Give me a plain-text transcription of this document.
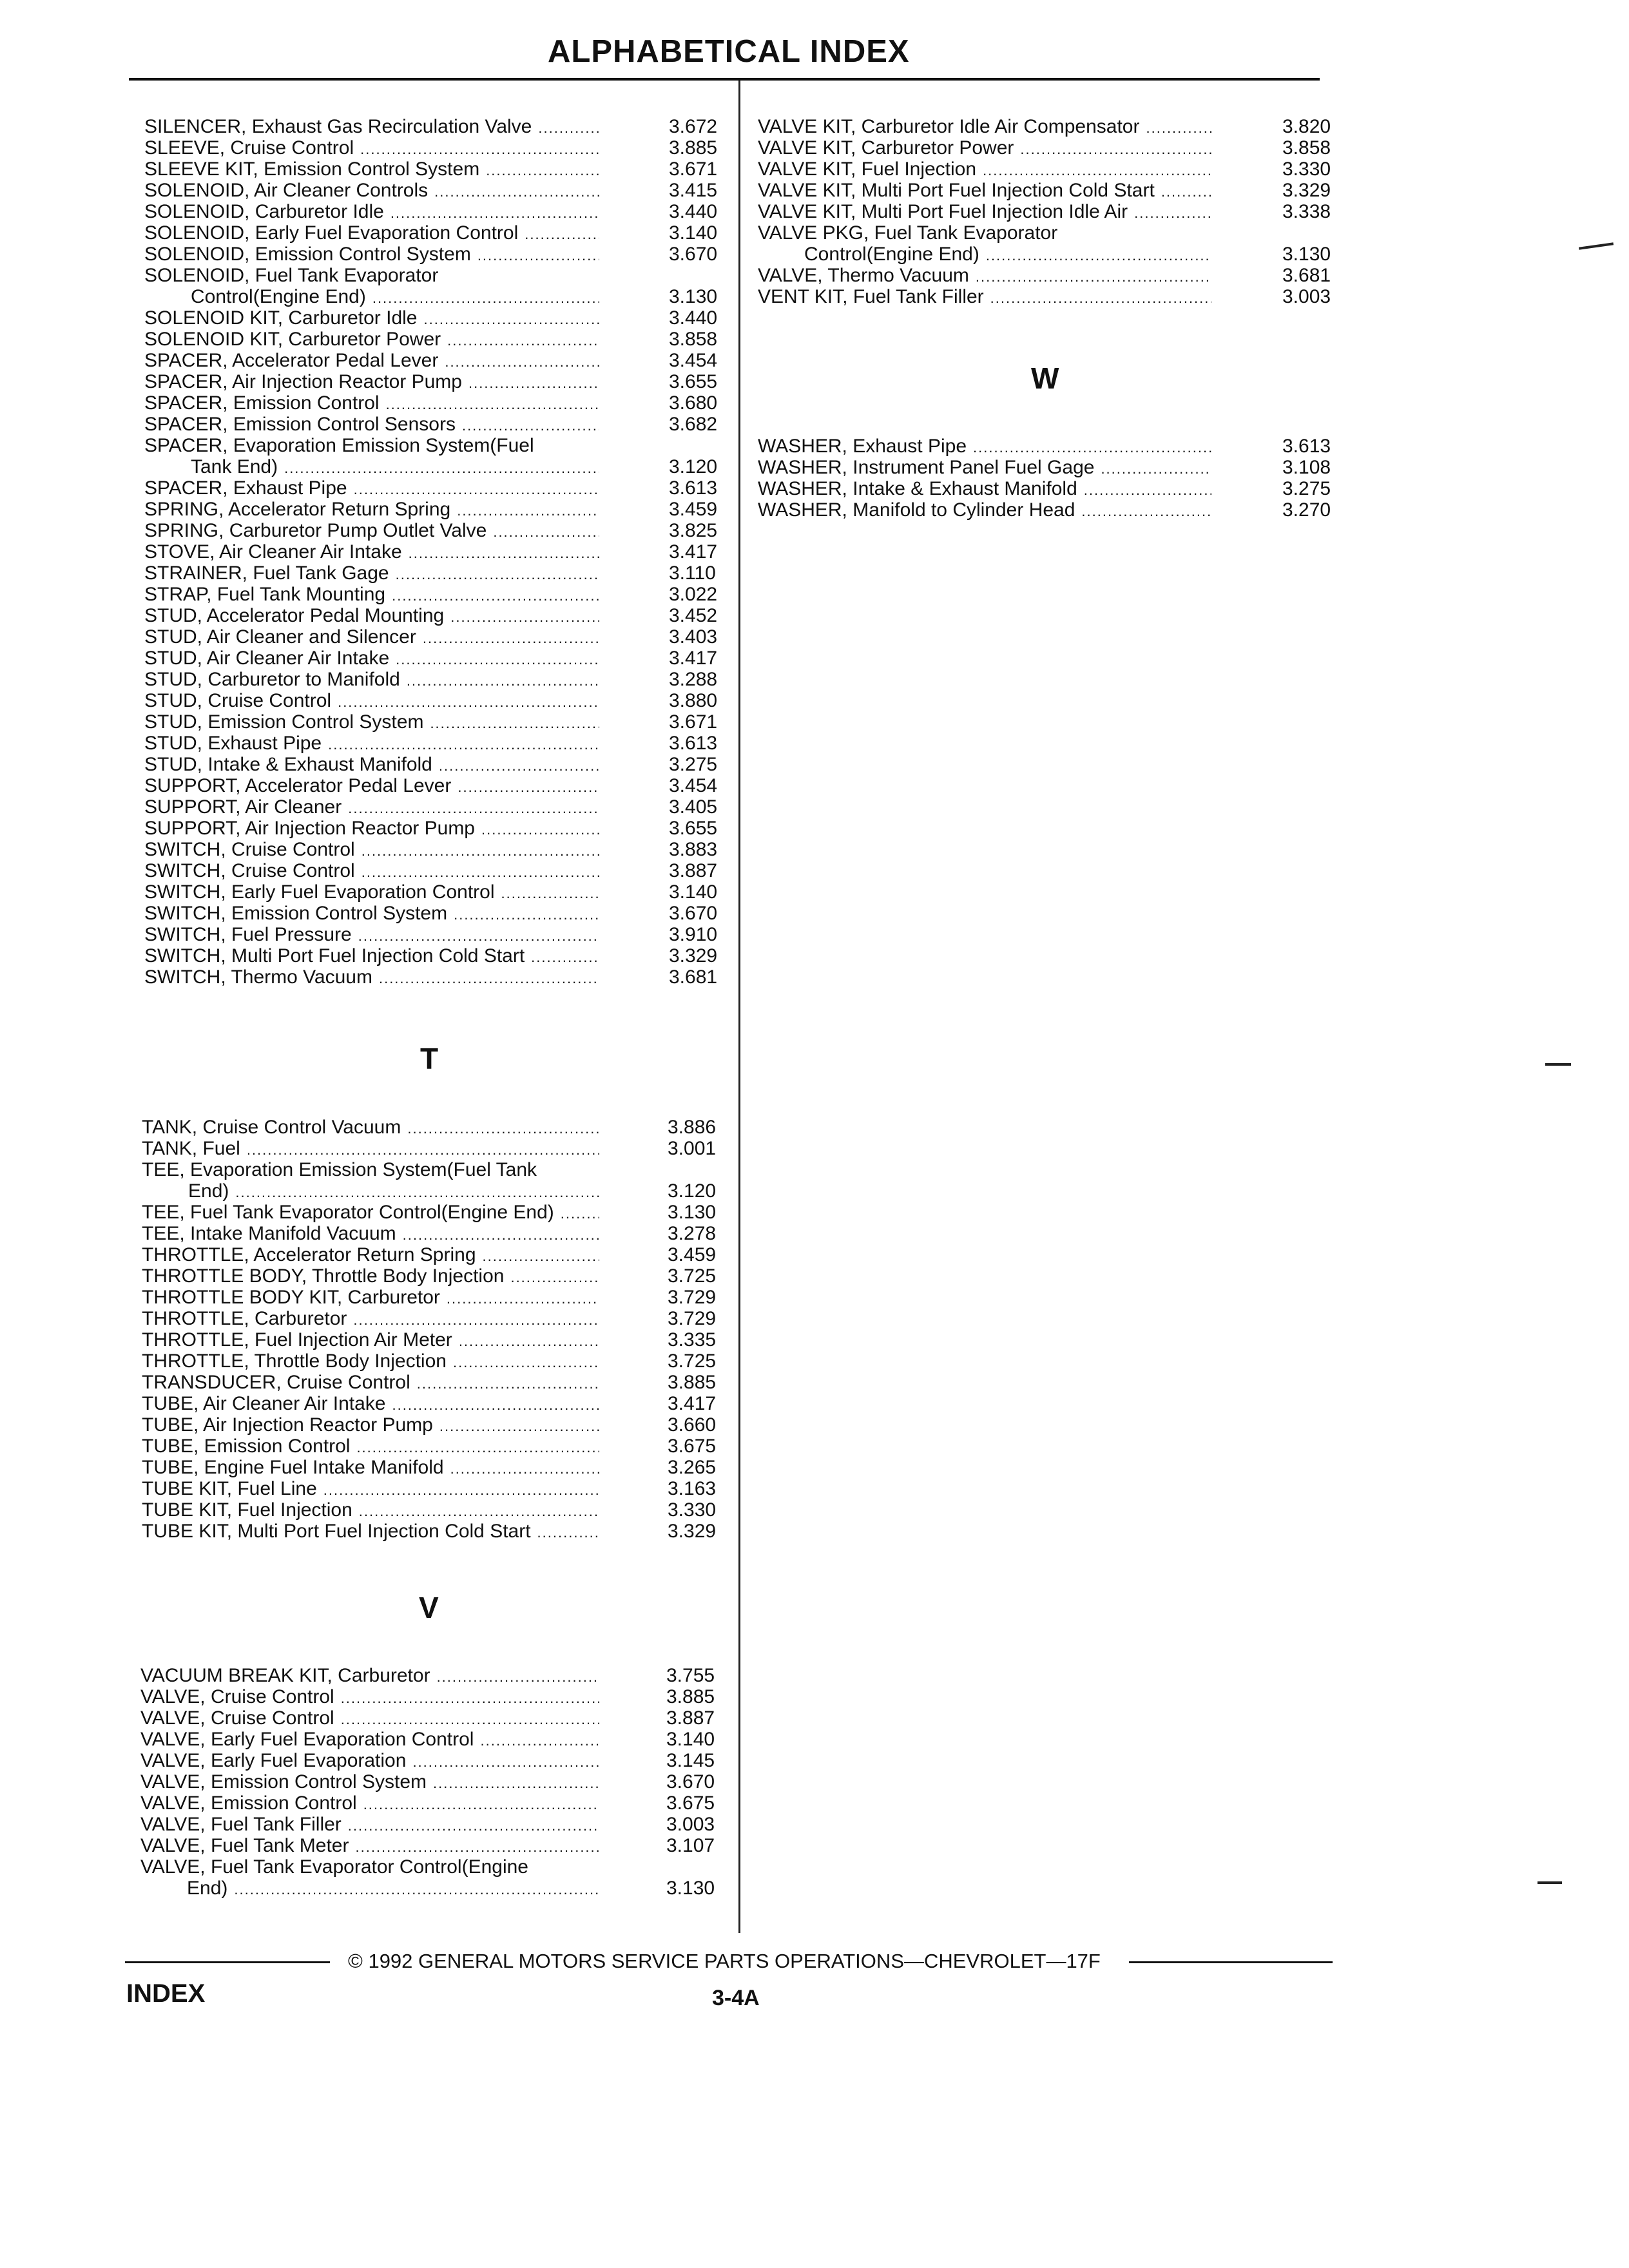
ALPHABETICAL INDEX
T
V
W
SILENCER, Exhaust Gas Recirculation Valve .....	3.672
SLEEVE, Cruise Control .....	3.885
SLEEVE KIT, Emission Control System .....	3.671
SOLENOID, Air Cleaner Controls .....	3.415
SOLENOID, Carburetor Idle .....	3.440
SOLENOID, Early Fuel Evaporation Control .....	3.140
SOLENOID, Emission Control System .....	3.670
SOLENOID, Fuel Tank Evaporator
Control(Engine End) .....	3.130
SOLENOID KIT, Carburetor Idle .....	3.440
SOLENOID KIT, Carburetor Power .....	3.858
SPACER, Accelerator Pedal Lever .....	3.454
SPACER, Air Injection Reactor Pump .....	3.655
SPACER, Emission Control .....	3.680
SPACER, Emission Control Sensors .....	3.682
SPACER, Evaporation Emission System(Fuel
Tank End) .....	3.120
SPACER, Exhaust Pipe .....	3.613
SPRING, Accelerator Return Spring .....	3.459
SPRING, Carburetor Pump Outlet Valve .....	3.825
STOVE, Air Cleaner Air Intake .....	3.417
STRAINER, Fuel Tank Gage .....	3.110
STRAP, Fuel Tank Mounting .....	3.022
STUD, Accelerator Pedal Mounting .....	3.452
STUD, Air Cleaner and Silencer .....	3.403
STUD, Air Cleaner Air Intake .....	3.417
STUD, Carburetor to Manifold .....	3.288
STUD, Cruise Control .....	3.880
STUD, Emission Control System .....	3.671
STUD, Exhaust Pipe .....	3.613
STUD, Intake & Exhaust Manifold .....	3.275
SUPPORT, Accelerator Pedal Lever .....	3.454
SUPPORT, Air Cleaner .....	3.405
SUPPORT, Air Injection Reactor Pump .....	3.655
SWITCH, Cruise Control .....	3.883
SWITCH, Cruise Control .....	3.887
SWITCH, Early Fuel Evaporation Control .....	3.140
SWITCH, Emission Control System .....	3.670
SWITCH, Fuel Pressure .....	3.910
SWITCH, Multi Port Fuel Injection Cold Start .....	3.329
SWITCH, Thermo Vacuum .....	3.681
TANK, Cruise Control Vacuum .....	3.886
TANK, Fuel .....	3.001
TEE, Evaporation Emission System(Fuel Tank
End) .....	3.120
TEE, Fuel Tank Evaporator Control(Engine End) .....	3.130
TEE, Intake Manifold Vacuum .....	3.278
THROTTLE, Accelerator Return Spring .....	3.459
THROTTLE BODY, Throttle Body Injection .....	3.725
THROTTLE BODY KIT, Carburetor .....	3.729
THROTTLE, Carburetor .....	3.729
THROTTLE, Fuel Injection Air Meter .....	3.335
THROTTLE, Throttle Body Injection .....	3.725
TRANSDUCER, Cruise Control .....	3.885
TUBE, Air Cleaner Air Intake .....	3.417
TUBE, Air Injection Reactor Pump .....	3.660
TUBE, Emission Control .....	3.675
TUBE, Engine Fuel Intake Manifold .....	3.265
TUBE KIT, Fuel Line .....	3.163
TUBE KIT, Fuel Injection .....	3.330
TUBE KIT, Multi Port Fuel Injection Cold Start .....	3.329
VACUUM BREAK KIT, Carburetor .....	3.755
VALVE, Cruise Control .....	3.885
VALVE, Cruise Control .....	3.887
VALVE, Early Fuel Evaporation Control .....	3.140
VALVE, Early Fuel Evaporation .....	3.145
VALVE, Emission Control System .....	3.670
VALVE, Emission Control .....	3.675
VALVE, Fuel Tank Filler .....	3.003
VALVE, Fuel Tank Meter .....	3.107
VALVE, Fuel Tank Evaporator Control(Engine
End) .....	3.130
VALVE KIT, Carburetor Idle Air Compensator .....	3.820
VALVE KIT, Carburetor Power .....	3.858
VALVE KIT, Fuel Injection .....	3.330
VALVE KIT, Multi Port Fuel Injection Cold Start .....	3.329
VALVE KIT, Multi Port Fuel Injection Idle Air .....	3.338
VALVE PKG, Fuel Tank Evaporator
Control(Engine End) .....	3.130
VALVE, Thermo Vacuum .....	3.681
VENT KIT, Fuel Tank Filler .....	3.003
WASHER, Exhaust Pipe .....	3.613
WASHER, Instrument Panel Fuel Gage .....	3.108
WASHER, Intake & Exhaust Manifold .....	3.275
WASHER, Manifold to Cylinder Head .....	3.270
© 1992 GENERAL MOTORS SERVICE PARTS OPERATIONS—CHEVROLET—17F
INDEX	3-4A
